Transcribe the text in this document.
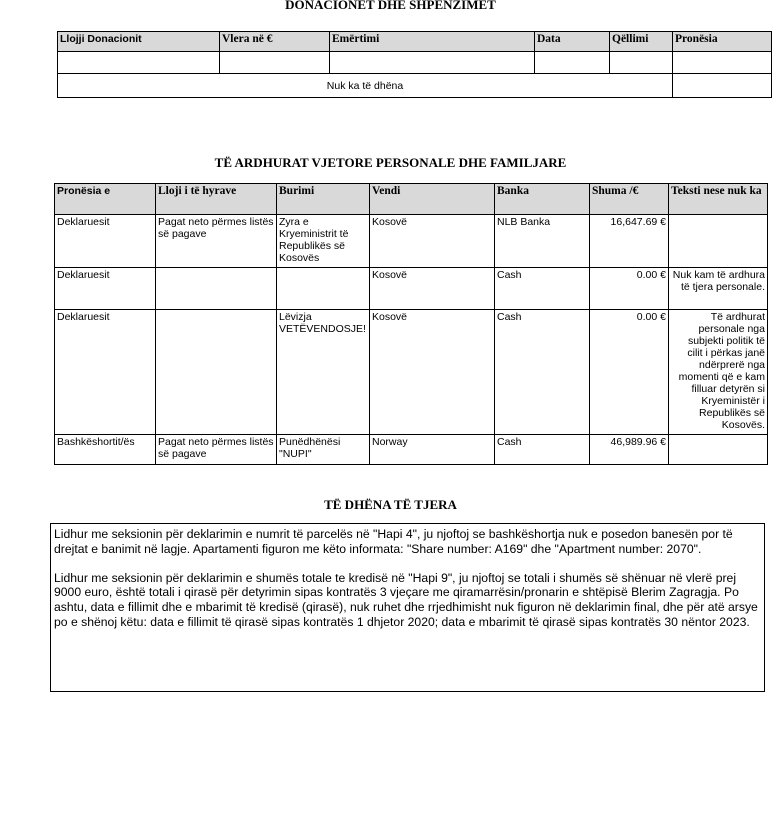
DONACIONET DHE SHPENZIMET
Llojji Donacionit	Vlera në €	Emërtimi	Data	Qëllimi	Pronësia

Nuk ka të dhëna					
TË ARDHURAT VJETORE PERSONALE DHE FAMILJARE
Pronësia e	Lloji i të hyrave	Burimi	Vendi	Banka	Shuma /€	Teksti nese nuk ka
Deklaruesit	Pagat neto përmes listës së pagave	Zyra e Kryeministrit të Republikës së Kosovës	Kosovë	NLB Banka	16,647.69 €	
Deklaruesit			Kosovë	Cash	0.00 €	Nuk kam të ardhura të tjera personale.
Deklaruesit		Lëvizja VETËVENDOSJE!	Kosovë	Cash	0.00 €	Të ardhurat personale nga subjekti politik të cilit i përkas janë ndërprerë nga momenti që e kam filluar detyrën si Kryeministër i Republikës së Kosovës.
Bashkëshortit/ës	Pagat neto përmes listës së pagave	Punëdhënësi "NUPI"	Norway	Cash	46,989.96 €	
TË DHËNA TË TJERA

Lidhur me seksionin për deklarimin e numrit të parcelës në "Hapi 4", ju njoftoj se bashkëshortja nuk e posedon banesën por të drejtat e banimit në lagje. Apartamenti figuron me këto informata: "Share number: A169" dhe "Apartment number: 2070".

Lidhur me seksionin për deklarimin e shumës totale te kredisë në "Hapi 9", ju njoftoj se totali i shumës së shënuar në vlerë prej 9000 euro, është totali i qirasë për detyrimin sipas kontratës 3 vjeçare me qiramarrësin/pronarin e shtëpisë Blerim Zagragja. Po ashtu, data e fillimit dhe e mbarimit të kredisë (qirasë), nuk ruhet dhe rrjedhimisht nuk figuron në deklarimin final, dhe për atë arsye po e shënoj këtu: data e fillimit të qirasë sipas kontratës 1 dhjetor 2020; data e mbarimit të qirasë sipas kontratës 30 nëntor 2023.
